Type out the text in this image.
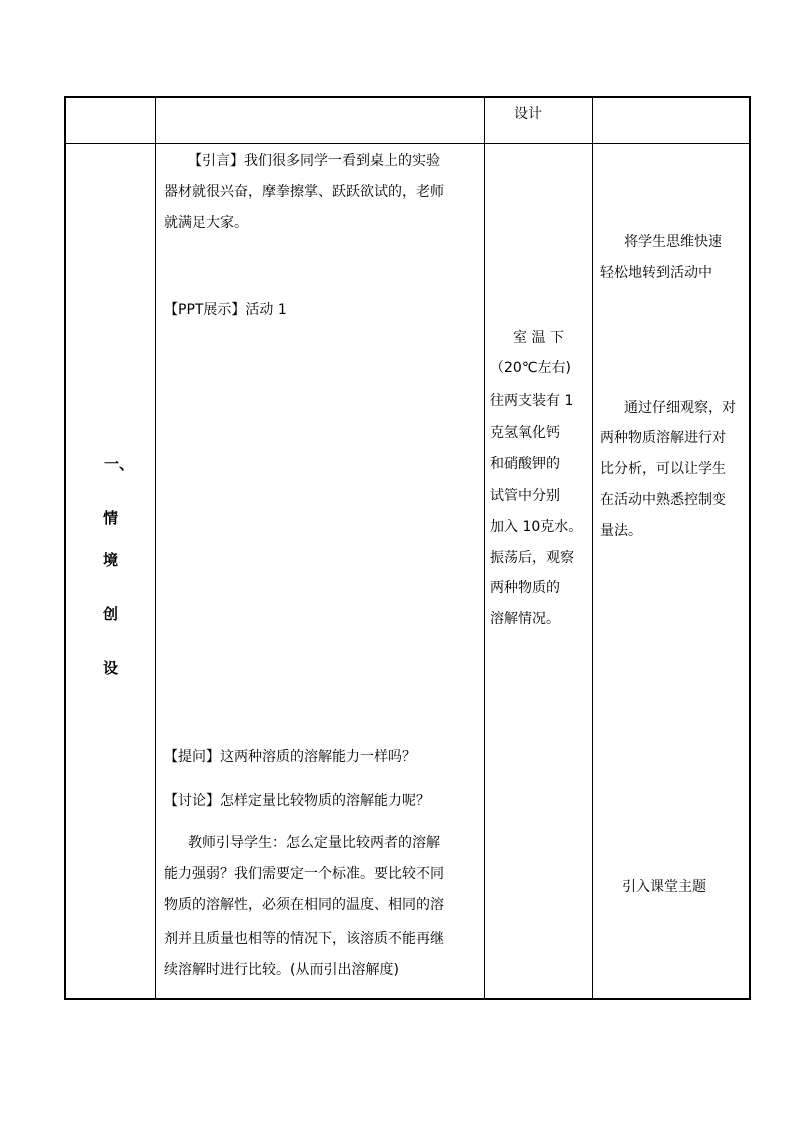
设计
一、
情
境
创
设
【引言】我们很多同学一看到桌上的实验
器材就很兴奋，摩拳擦掌、跃跃欲试的，老师
就满足大家。
【PPT展示】活动 1
【提问】这两种溶质的溶解能力一样吗？
【讨论】怎样定量比较物质的溶解能力呢？
教师引导学生：怎么定量比较两者的溶解
能力强弱？我们需要定一个标准。要比较不同
物质的溶解性，必须在相同的温度、相同的溶
剂并且质量也相等的情况下，该溶质不能再继
续溶解时进行比较。(从而引出溶解度)
室 温 下
（20℃左右)
往两支装有 1
克氢氧化钙
和硝酸钾的
试管中分别
加入 10克水。
振荡后，观察
两种物质的
溶解情况。
将学生思维快速
轻松地转到活动中
通过仔细观察，对
两种物质溶解进行对
比分析，可以让学生
在活动中熟悉控制变
量法。
引入课堂主题
